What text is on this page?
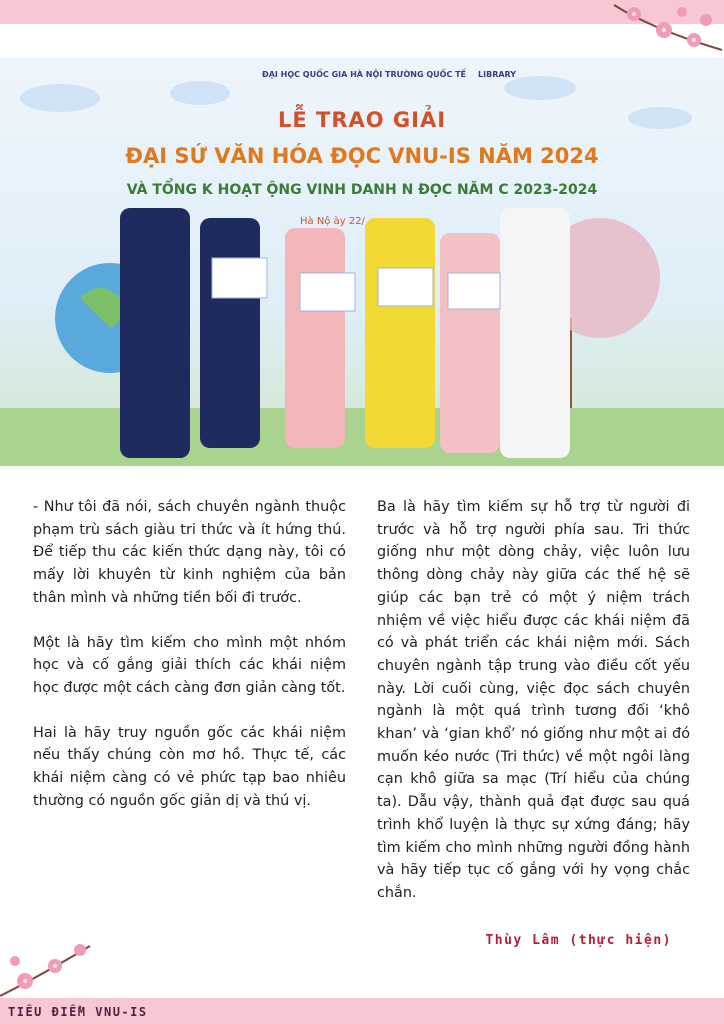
ĐẠI HỌC QUỐC GIA HÀ NỘI TRƯỜNG QUỐC TẾ LIBRARY
LỄ TRAO GIẢI
ĐẠI SỨ VĂN HÓA ĐỌC VNU-IS NĂM 2024
VÀ TỔNG K HOẠT ỘNG VINH DANH N ĐỌC NĂM C 2023-2024
Hà Nộ ày 22/

- Như tôi đã nói, sách chuyên ngành thuộc phạm trù sách giàu tri thức và ít hứng thú. Để tiếp thu các kiến thức dạng này, tôi có mấy lời khuyên từ kinh nghiệm của bản thân mình và những tiền bối đi trước.

Một là hãy tìm kiếm cho mình một nhóm học và cố gắng giải thích các khái niệm học được một cách càng đơn giản càng tốt.

Hai là hãy truy nguồn gốc các khái niệm nếu thấy chúng còn mơ hồ. Thực tế, các khái niệm càng có vẻ phức tạp bao nhiêu thường có nguồn gốc giản dị và thú vị.

Ba là hãy tìm kiếm sự hỗ trợ từ người đi trước và hỗ trợ người phía sau. Tri thức giống như một dòng chảy, việc luôn lưu thông dòng chảy này giữa các thế hệ sẽ giúp các bạn trẻ có một ý niệm trách nhiệm về việc hiểu được các khái niệm đã có và phát triển các khái niệm mới. Sách chuyên ngành tập trung vào điều cốt yếu này. Lời cuối cùng, việc đọc sách chuyên ngành là một quá trình tương đối ‘khô khan’ và ‘gian khổ’ nó giống như một ai đó muốn kéo nước (Tri thức) về một ngôi làng cạn khô giữa sa mạc (Trí hiểu của chúng ta). Dẫu vậy, thành quả đạt được sau quá trình khổ luyện là thực sự xứng đáng; hãy tìm kiếm cho mình những người đồng hành và hãy tiếp tục cố gắng với hy vọng chắc chắn.

Thùy Lâm (thực hiện)
TIÊU ĐIỂM VNU-IS
